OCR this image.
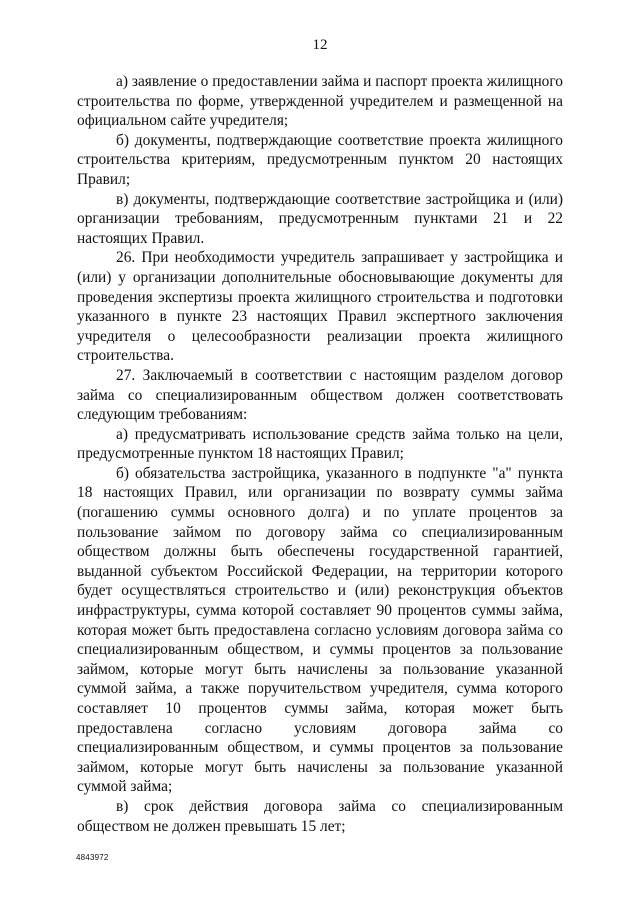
12

а) заявление о предоставлении займа и паспорт проекта жилищного строительства по форме, утвержденной учредителем и размещенной на официальном сайте учредителя;

б) документы, подтверждающие соответствие проекта жилищного строительства критериям, предусмотренным пунктом 20 настоящих Правил;

в) документы, подтверждающие соответствие застройщика и (или) организации требованиям, предусмотренным пунктами 21 и 22 настоящих Правил.

26. При необходимости учредитель запрашивает у застройщика и (или) у организации дополнительные обосновывающие документы для проведения экспертизы проекта жилищного строительства и подготовки указанного в пункте 23 настоящих Правил экспертного заключения учредителя о целесообразности реализации проекта жилищного строительства.

27. Заключаемый в соответствии с настоящим разделом договор займа со специализированным обществом должен соответствовать следующим требованиям:

а) предусматривать использование средств займа только на цели, предусмотренные пунктом 18 настоящих Правил;

б) обязательства застройщика, указанного в подпункте "а" пункта 18 настоящих Правил, или организации по возврату суммы займа (погашению суммы основного долга) и по уплате процентов за пользование займом по договору займа со специализированным обществом должны быть обеспечены государственной гарантией, выданной субъектом Российской Федерации, на территории которого будет осуществляться строительство и (или) реконструкция объектов инфраструктуры, сумма которой составляет 90 процентов суммы займа, которая может быть предоставлена согласно условиям договора займа со специализированным обществом, и суммы процентов за пользование займом, которые могут быть начислены за пользование указанной суммой займа, а также поручительством учредителя, сумма которого составляет 10 процентов суммы займа, которая может быть предоставлена согласно условиям договора займа со специализированным обществом, и суммы процентов за пользование займом, которые могут быть начислены за пользование указанной суммой займа;

в) срок действия договора займа со специализированным обществом не должен превышать 15 лет;

4843972
